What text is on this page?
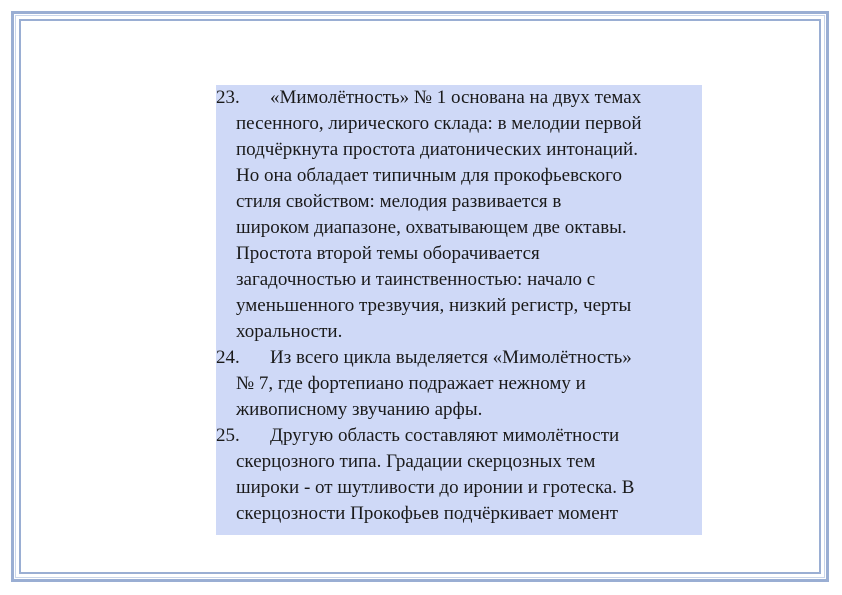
23. «Мимолётность» № 1 основана на двух темах
песенного, лирического склада: в мелодии первой
подчёркнута простота диатонических интонаций.
Но она обладает типичным для прокофьевского
стиля свойством: мелодия развивается в
широком диапазоне, охватывающем две октавы.
Простота второй темы оборачивается
загадочностью и таинственностью: начало с
уменьшенного трезвучия, низкий регистр, черты
хоральности.
24. Из всего цикла выделяется «Мимолётность»
№ 7, где фортепиано подражает нежному и
живописному звучанию арфы.
25. Другую область составляют мимолётности
скерцозного типа. Градации скерцозных тем
широки - от шутливости до иронии и гротеска. В
скерцозности Прокофьев подчёркивает момент
